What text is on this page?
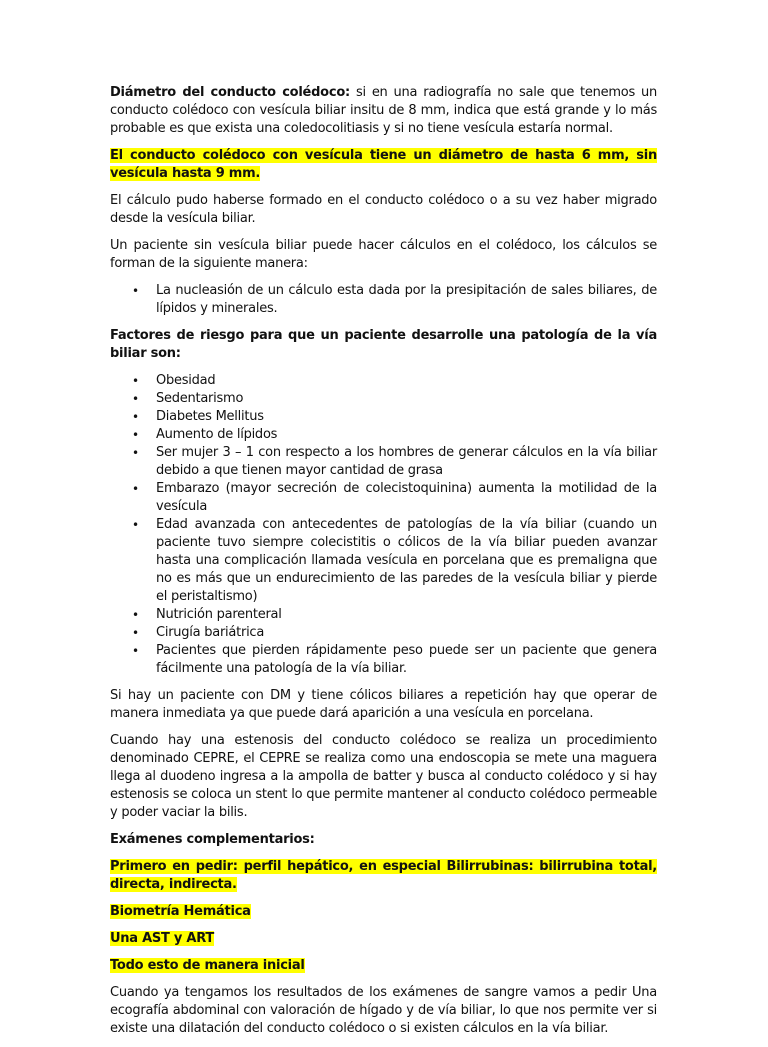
Diámetro del conducto colédoco: si en una radiografía no sale que tenemos un conducto colédoco con vesícula biliar insitu de 8 mm, indica que está grande y lo más probable es que exista una coledocolitiasis y si no tiene vesícula estaría normal.

El conducto colédoco con vesícula tiene un diámetro de hasta 6 mm, sin vesícula hasta 9 mm.

El cálculo pudo haberse formado en el conducto colédoco o a su vez haber migrado desde la vesícula biliar.

Un paciente sin vesícula biliar puede hacer cálculos en el colédoco, los cálculos se forman de la siguiente manera:

• La nucleasión de un cálculo esta dada por la presipitación de sales biliares, de lípidos y minerales.

Factores de riesgo para que un paciente desarrolle una patología de la vía biliar son:

• Obesidad
• Sedentarismo
• Diabetes Mellitus
• Aumento de lípidos
• Ser mujer 3 – 1 con respecto a los hombres de generar cálculos en la vía biliar debido a que tienen mayor cantidad de grasa
• Embarazo (mayor secreción de colecistoquinina) aumenta la motilidad de la vesícula
• Edad avanzada con antecedentes de patologías de la vía biliar (cuando un paciente tuvo siempre colecistitis o cólicos de la vía biliar pueden avanzar hasta una complicación llamada vesícula en porcelana que es premaligna que no es más que un endurecimiento de las paredes de la vesícula biliar y pierde el peristaltismo)
• Nutrición parenteral
• Cirugía bariátrica
• Pacientes que pierden rápidamente peso puede ser un paciente que genera fácilmente una patología de la vía biliar.

Si hay un paciente con DM y tiene cólicos biliares a repetición hay que operar de manera inmediata ya que puede dará aparición a una vesícula en porcelana.

Cuando hay una estenosis del conducto colédoco se realiza un procedimiento denominado CEPRE, el CEPRE se realiza como una endoscopia se mete una maguera llega al duodeno ingresa a la ampolla de batter y busca al conducto colédoco y si hay estenosis se coloca un stent lo que permite mantener al conducto colédoco permeable y poder vaciar la bilis.

Exámenes complementarios:

Primero en pedir: perfil hepático, en especial Bilirrubinas: bilirrubina total, directa, indirecta.

Biometría Hemática

Una AST y ART

Todo esto de manera inicial

Cuando ya tengamos los resultados de los exámenes de sangre vamos a pedir Una ecografía abdominal con valoración de hígado y de vía biliar, lo que nos permite ver si existe una dilatación del conducto colédoco o si existen cálculos en la vía biliar.
